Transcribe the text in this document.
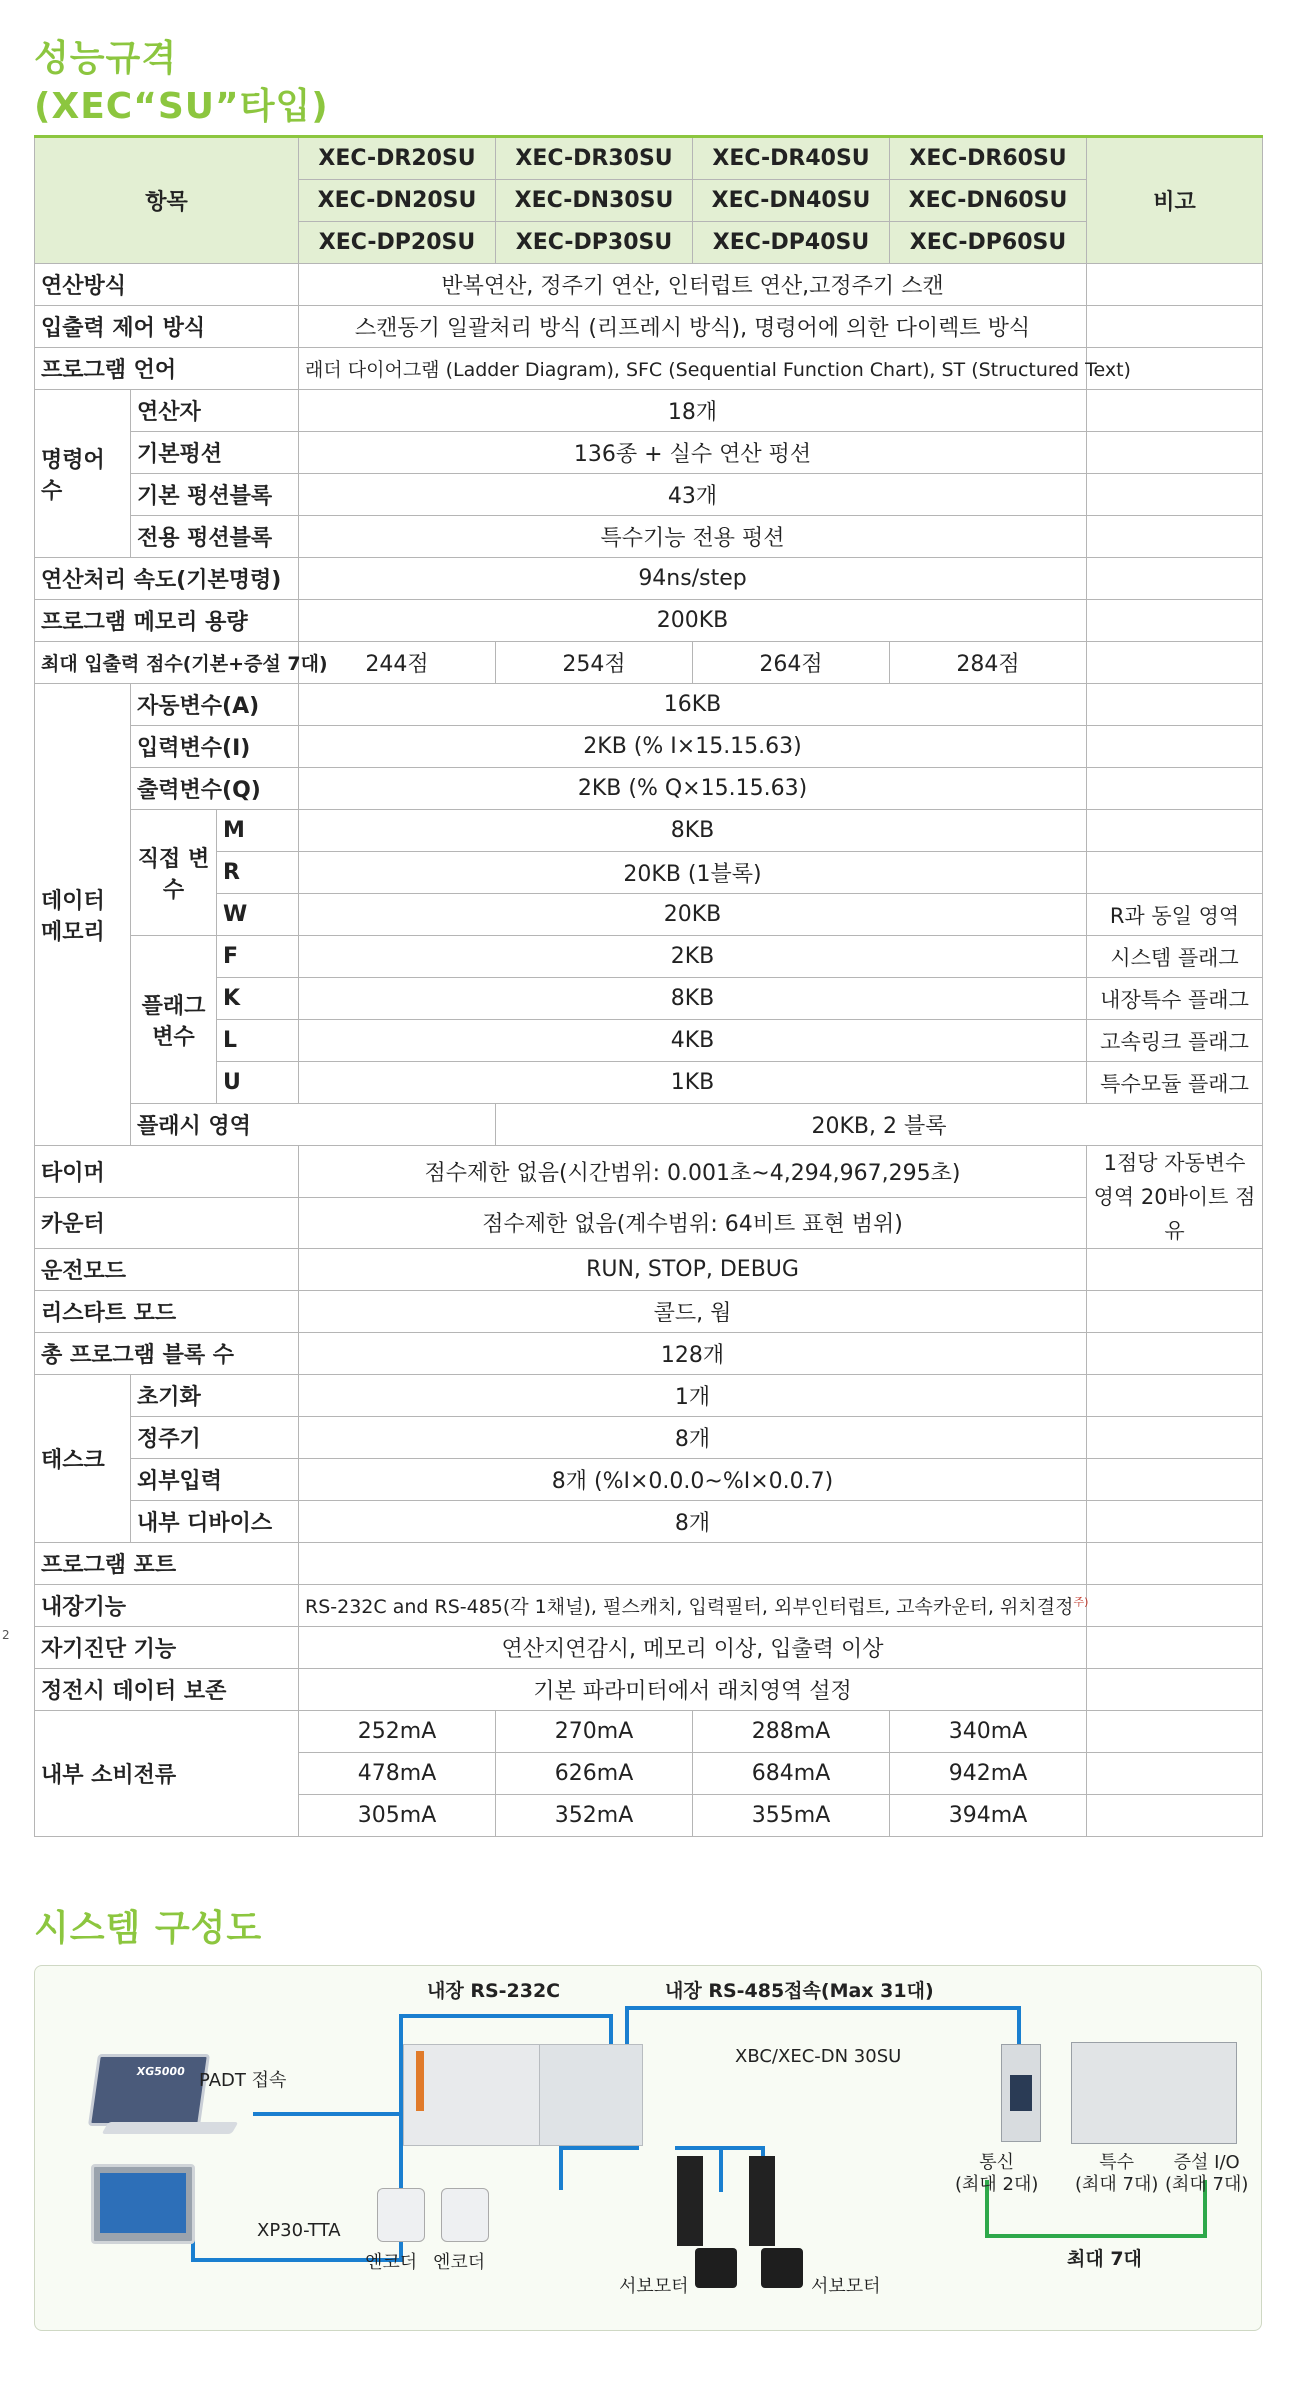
성능규격
(XEC“SU”타입)
2
항목			XEC-DR20SU	XEC-DR30SU	XEC-DR40SU	XEC-DR60SU	비고	
			XEC-DN20SU	XEC-DN30SU	XEC-DN40SU	XEC-DN60SU		
			XEC-DP20SU	XEC-DP30SU	XEC-DP40SU	XEC-DP60SU		
연산방식			반복연산, 정주기 연산, 인터럽트 연산,고정주기 스캔					
입출력 제어 방식			스캔동기 일괄처리 방식 (리프레시 방식), 명령어에 의한 다이렉트 방식					
프로그램 언어			래더 다이어그램 (Ladder Diagram), SFC (Sequential Function Chart), ST (Structured Text)					
명령어 수	연산자		18개					
	기본펑션		136종 + 실수 연산 펑션					
	기본 펑션블록		43개					
	전용 펑션블록		특수기능 전용 펑션					
연산처리 속도(기본명령)			94ns/step					
프로그램 메모리 용량			200KB					
최대 입출력 점수(기본+증설 7대)			244점	254점	264점	284점		
데이터 메모리	자동변수(A)		16KB					
	입력변수(I)		2KB (% I×15.15.63)					
	출력변수(Q)		2KB (% Q×15.15.63)					
	직접 변수	M	8KB					
		R	20KB (1블록)					
		W	20KB				R과 동일 영역	
	플래그 변수	F	2KB				시스템 플래그	
		K	8KB				내장특수 플래그	
		L	4KB				고속링크 플래그	
		U	1KB				특수모듈 플래그	
	플래시 영역			20KB, 2 블록	
타이머			점수제한 없음(시간범위: 0.001초~4,294,967,295초)				1점당 자동변수 영역 20바이트 점유	
카운터			점수제한 없음(계수범위: 64비트 표현 범위)					
운전모드			RUN, STOP, DEBUG					
리스타트 모드			콜드, 웜					
총 프로그램 블록 수			128개					
태스크	초기화		1개					
	정주기		8개					
	외부입력		8개 (%I×0.0.0~%I×0.0.7)					
	내부 디바이스		8개					
프로그램 포트								
내장기능			RS-232C and RS-485(각 1채널), 펄스캐치, 입력필터, 외부인터럽트, 고속카운터, 위치결정$^{주)}$	
자기진단 기능			연산지연감시, 메모리 이상, 입출력 이상					
정전시 데이터 보존			기본 파라미터에서 래치영역 설정					
내부 소비전류			252mA	270mA	288mA	340mA		
			478mA	626mA	684mA	942mA		
			305mA	352mA	355mA	394mA		
시스템 구성도
내장 RS-232C	내장 RS-485접속(Max 31대)
XG5000 PADT 접속
XP30-TTA
XBC/XEC-DN 30SU
엔코더 엔코더
서보모터	서보모터
통신
(최대 2대)
특수
(최대 7대)
증설 I/O
(최대 7대)
최대 7대
